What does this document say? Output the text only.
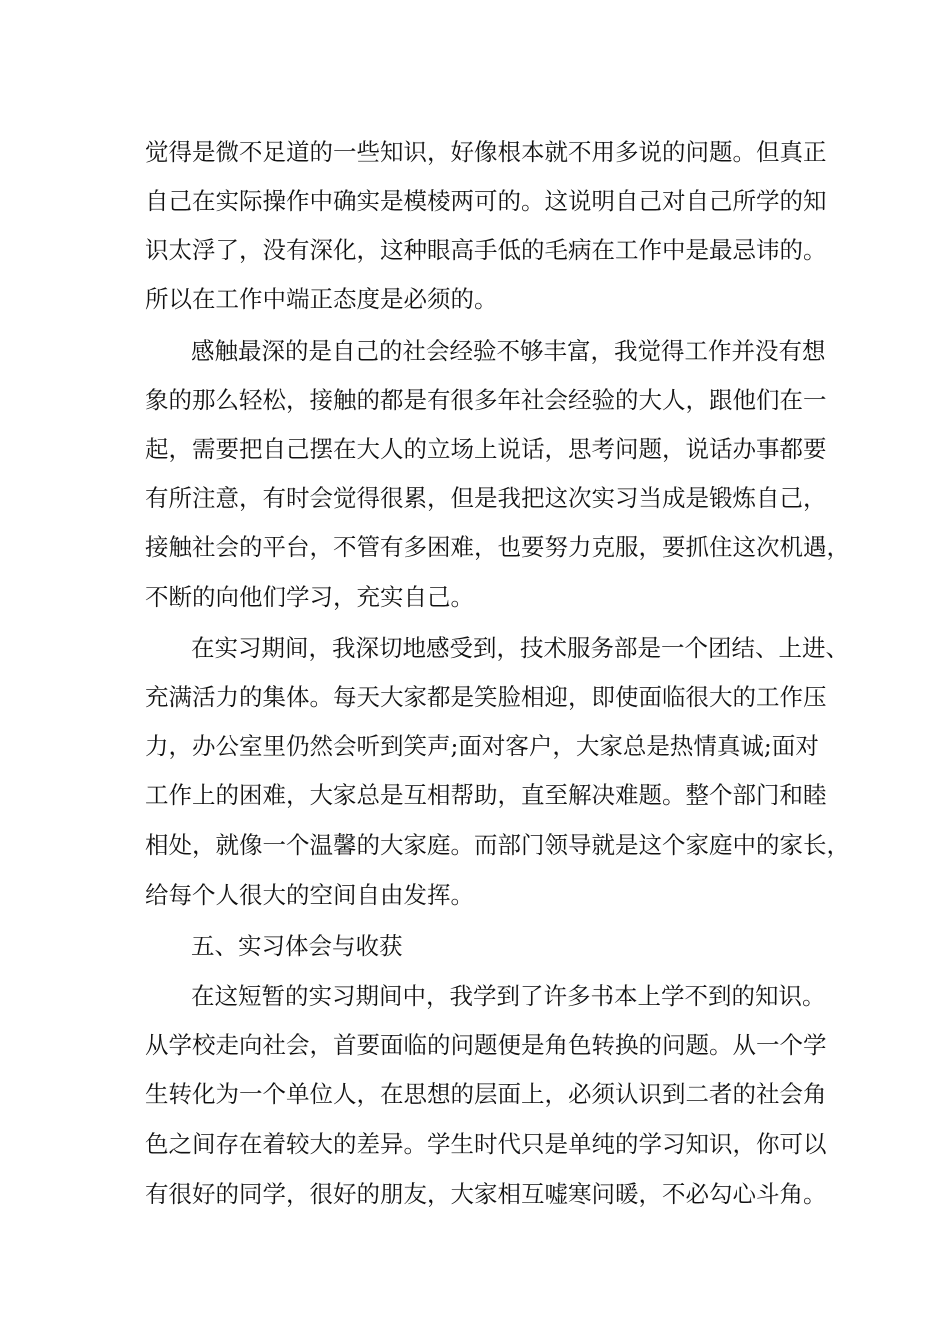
觉得是微不足道的一些知识，好像根本就不用多说的问题。但真正
自己在实际操作中确实是模棱两可的。这说明自己对自己所学的知
识太浮了，没有深化，这种眼高手低的毛病在工作中是最忌讳的。
所以在工作中端正态度是必须的。
感触最深的是自己的社会经验不够丰富，我觉得工作并没有想
象的那么轻松，接触的都是有很多年社会经验的大人，跟他们在一
起，需要把自己摆在大人的立场上说话，思考问题，说话办事都要
有所注意，有时会觉得很累，但是我把这次实习当成是锻炼自己，
接触社会的平台，不管有多困难，也要努力克服，要抓住这次机遇，
不断的向他们学习，充实自己。
在实习期间，我深切地感受到，技术服务部是一个团结、上进、
充满活力的集体。每天大家都是笑脸相迎，即使面临很大的工作压
力，办公室里仍然会听到笑声;面对客户，大家总是热情真诚;面对
工作上的困难，大家总是互相帮助，直至解决难题。整个部门和睦
相处，就像一个温馨的大家庭。而部门领导就是这个家庭中的家长，
给每个人很大的空间自由发挥。
五、实习体会与收获
在这短暂的实习期间中，我学到了许多书本上学不到的知识。
从学校走向社会，首要面临的问题便是角色转换的问题。从一个学
生转化为一个单位人，在思想的层面上，必须认识到二者的社会角
色之间存在着较大的差异。学生时代只是单纯的学习知识，你可以
有很好的同学，很好的朋友，大家相互嘘寒问暖，不必勾心斗角。
